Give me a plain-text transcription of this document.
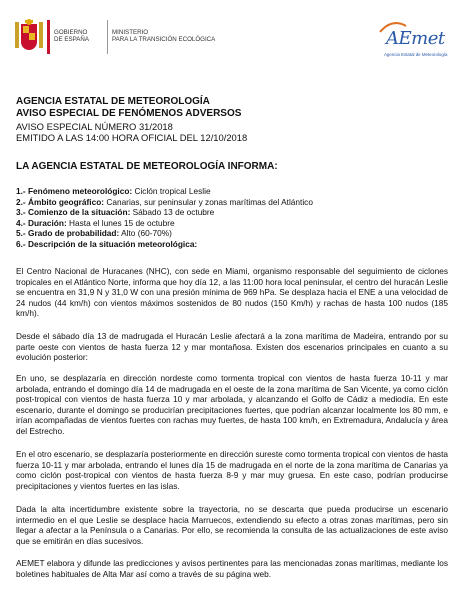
GOBIERNO
DE ESPAÑA
MINISTERIO
PARA LA TRANSICIÓN ECOLÓGICA	AEmet
Agencia Estatal de Meteorología
AGENCIA ESTATAL DE METEOROLOGÍA
AVISO ESPECIAL DE FENÓMENOS ADVERSOS
AVISO ESPECIAL NÚMERO 31/2018
EMITIDO A LAS 14:00 HORA OFICIAL DEL 12/10/2018
LA AGENCIA ESTATAL DE METEOROLOGÍA INFORMA:
1.- Fenómeno meteorológico: Ciclón tropical Leslie
2.- Ámbito geográfico: Canarias, sur peninsular y zonas marítimas del Atlántico
3.- Comienzo de la situación: Sábado 13 de octubre
4.- Duración: Hasta el lunes 15 de octubre
5.- Grado de probabilidad: Alto (60-70%)
6.- Descripción de la situación meteorológica:
El Centro Nacional de Huracanes (NHC), con sede en Miami, organismo responsable del seguimiento de ciclones tropicales en el Atlántico Norte, informa que hoy día 12, a las 11:00 hora local peninsular, el centro del huracán Leslie se encuentra en 31,9 N y 31,0 W con una presión mínima de 969 hPa. Se desplaza hacia el ENE a una velocidad de 24 nudos (44 km/h) con vientos máximos sostenidos de 80 nudos (150 Km/h) y rachas de hasta 100 nudos (185 km/h).
Desde el sábado día 13 de madrugada el Huracán Leslie afectará a la zona marítima de Madeira, entrando por su parte oeste con vientos de hasta fuerza 12 y mar montañosa. Existen dos escenarios principales en cuanto a su evolución posterior:
En uno, se desplazaría en dirección nordeste como tormenta tropical con vientos de hasta fuerza 10-11 y mar arbolada, entrando el domingo día 14 de madrugada en el oeste de la zona marítima de San Vicente, ya como ciclón post-tropical con vientos de hasta fuerza 10 y mar arbolada, y alcanzando el Golfo de Cádiz a mediodía. En este escenario, durante el domingo se producirían precipitaciones fuertes, que podrían alcanzar localmente los 80 mm, e irían acompañadas de vientos fuertes con rachas muy fuertes, de hasta 100 km/h, en Extremadura, Andalucía y área del Estrecho.
En el otro escenario, se desplazaría posteriormente en dirección sureste como tormenta tropical con vientos de hasta fuerza 10-11 y mar arbolada, entrando el lunes día 15 de madrugada en el norte de la zona marítima de Canarias ya como ciclón post-tropical con vientos de hasta fuerza 8-9 y mar muy gruesa. En este caso, podrían producirse precipitaciones y vientos fuertes en las islas.
Dada la alta incertidumbre existente sobre la trayectoria, no se descarta que pueda producirse un escenario intermedio en el que Leslie se desplace hacia Marruecos, extendiendo su efecto a otras zonas marítimas, pero sin llegar a afectar a la Península o a Canarias. Por ello, se recomienda la consulta de las actualizaciones de este aviso que se emitirán en días sucesivos.
AEMET elabora y difunde las predicciones y avisos pertinentes para las mencionadas zonas marítimas, mediante los boletines habituales de Alta Mar así como a través de su página web.
